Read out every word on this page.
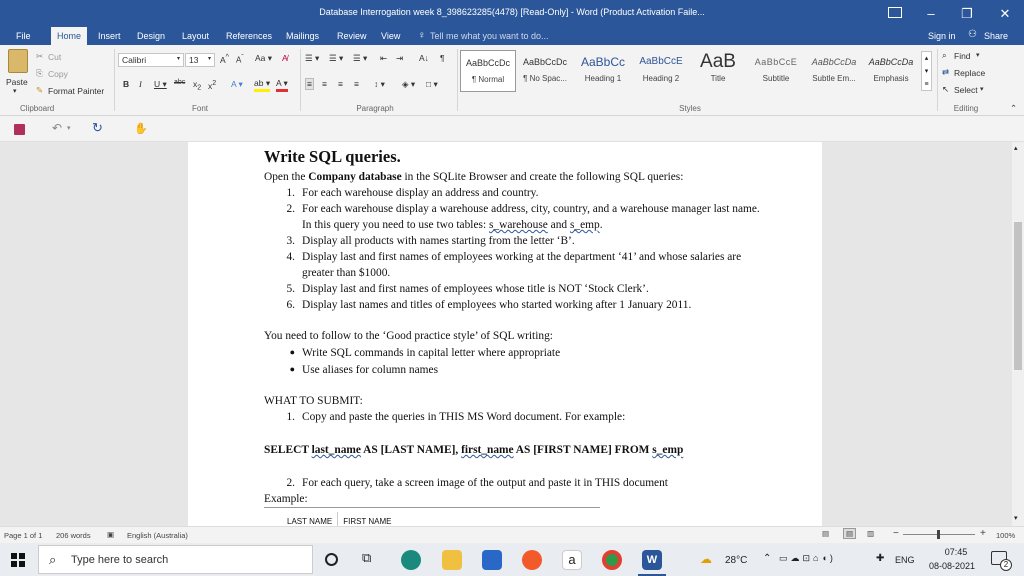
Database Interrogation week 8_398623285(4478) [Read-Only] - Word (Product Activation Faile...	–	❐	✕
File	Home	Insert	Design	Layout	References	Mailings	Review	View	♀ Tell me what you want to do...	Sign in ⚇ Share
Paste
▾
✂ Cut
⎘ Copy
✎ Format Painter
Clipboard
Calibri	▾ 13 ▾ A^ $A^ˇ$ Aa ▾ A̸
B I U ▾ abc $x_2$ $x^2$ A ▾ ab ▾ A ▾
Font
☰ ▾ ☰ ▾ ☰ ▾ ⇤ ⇥ A↓ ¶
≡ ≡ ≡ ≡ ↕ ▾ ◈ ▾ □ ▾
Paragraph
AaBbCcDc
¶ Normal
AaBbCcDc
¶ No Spac...
AaBbCc
Heading 1
AaBbCcE
Heading 2
AaB
Title
AaBbCcE
Subtitle
AaBbCcDa
Subtle Em...
AaBbCcDa
Emphasis
▴
▾
≡
Styles
⌕ Find ▾
⇄ Replace
↖ Select ▾
Editing	⌃
↶ ▾ ↻	✋
Write SQL queries.
Open the Company database in the SQLite Browser and create the following SQL queries:
1. For each warehouse display an address and country.
2. For each warehouse display a warehouse address, city, country, and a warehouse manager last name. In this query you need to use two tables: s_warehouse and s_emp.
3. Display all products with names starting from the letter ‘B’.
4. Display last and first names of employees working at the department ‘41’ and whose salaries are greater than $1000.
5. Display last and first names of employees whose title is NOT ‘Stock Clerk’.
6. Display last names and titles of employees who started working after 1 January 2011.
You need to follow to the ‘Good practice style’ of SQL writing:
● Write SQL commands in capital letter where appropriate
● Use aliases for column names
WHAT TO SUBMIT:
1. Copy and paste the queries in THIS MS Word document. For example:
SELECT last_name AS [LAST NAME], first_name AS [FIRST NAME] FROM s_emp
2. For each query, take a screen image of the output and paste it in THIS document
Example:
LAST NAME	FIRST NAME
▴
▾
Page 1 of 1 206 words ▣ English (Australia)	▤	▤	▥ −	+ 100%
⌕ Type here to search	⧉	a	W	☁ 28°C ⌃ ▭☁⊡⌂◖)	✚ ENG
07:45
08-08-2021	2
